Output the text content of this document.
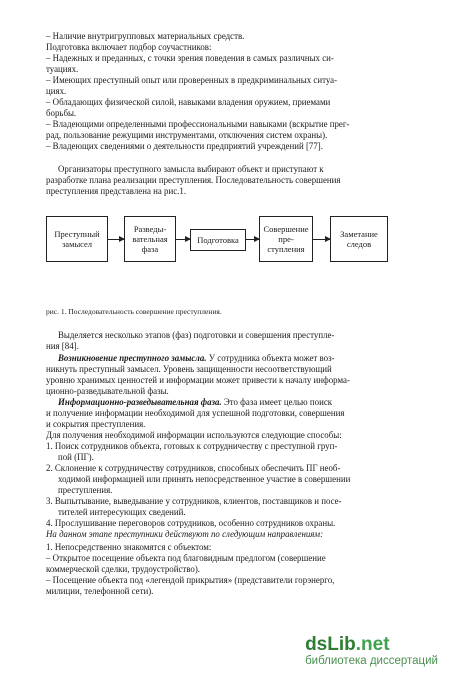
– Наличие внутригрупповых материальных средств.
Подготовка включает подбор соучастников:
– Надежных и преданных, с точки зрения поведения в самых различных си-
туациях.
– Имеющих преступный опыт или проверенных в предкриминальных ситуа-
циях.
– Обладающих физической силой, навыками владения оружием, приемами
борьбы.
– Владеющими определенными профессиональными навыками (вскрытие прег-
рад, пользование режущими инструментами, отключения систем охраны).
– Владеющих сведениями о деятельности предприятий учреждений [77].
Организаторы преступного замысла выбирают объект и приступают к
разработке плана реализации преступления. Последовательность совершения
преступления представлена на рис.1.
Преступный замысел
Разведы-вательная фаза
Подготовка
Совершение пре-ступления
Заметание следов
рис. 1. Последовательность совершение преступления.
Выделяется несколько этапов (фаз) подготовки и совершения преступле-
ния [84].
Возникновение преступного замысла. У сотрудника объекта может воз-
никнуть преступный замысел. Уровень защищенности несоответствующий
уровню хранимых ценностей и информации может привести к началу информа-
ционно-разведывательной фазы.
Информационно-разведывательная фаза. Это фаза имеет целью поиск
и получение информации необходимой для успешной подготовки, совершения
и сокрытия преступления.
Для получения необходимой информации используются следующие способы:
1. Поиск сотрудников объекта, готовых к сотрудничеству с преступной груп-
пой (ПГ).
2. Склонение к сотрудничеству сотрудников, способных обеспечить ПГ необ-
ходимой информацией или принять непосредственное участие в совершении
преступления.
3. Выпытывание, выведывание у сотрудников, клиентов, поставщиков и посе-
тителей интересующих сведений.
4. Прослушивание переговоров сотрудников, особенно сотрудников охраны.
На данном этапе преступники действуют по следующим направлениям:
1. Непосредственно знакомятся с объектом:
– Открытое посещение объекта под благовидным предлогом (совершение
коммерческой сделки, трудоустройство).
– Посещение объекта под «легендой прикрытия» (представители горэнерго,
милиции, телефонной сети).
dsLib.net
библиотека диссертаций
